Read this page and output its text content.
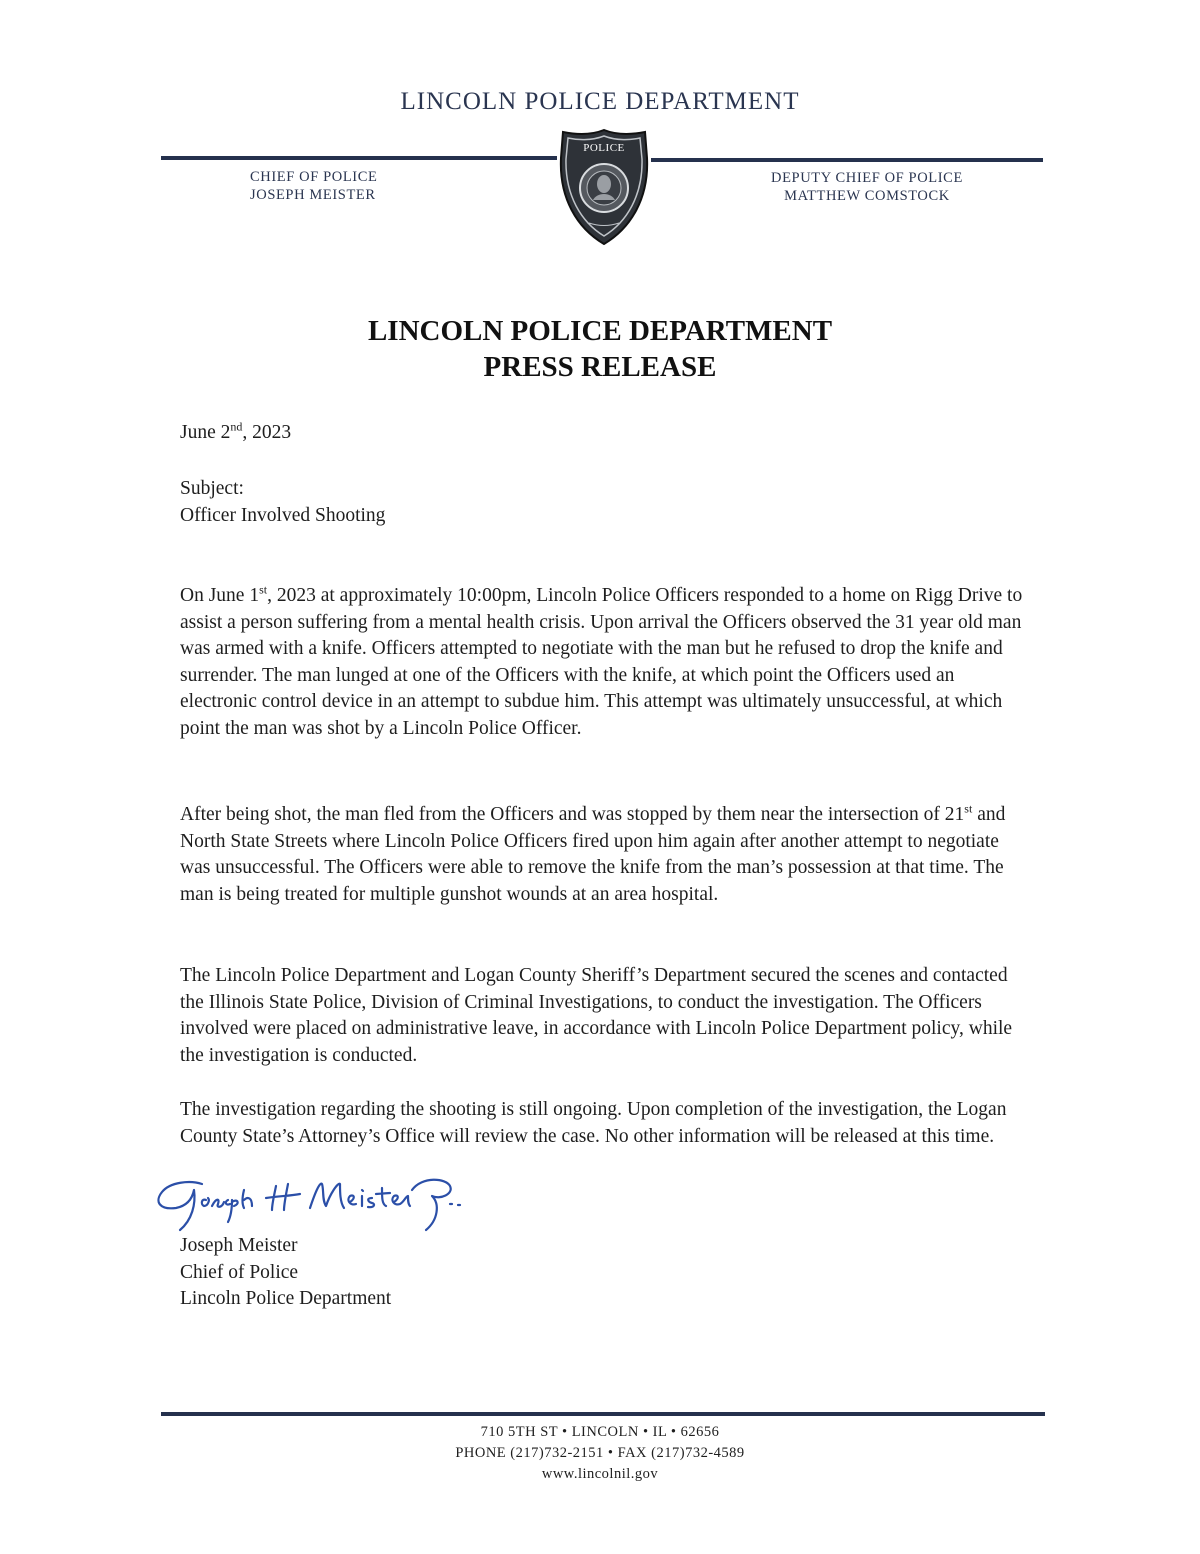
LINCOLN POLICE DEPARTMENT
CHIEF OF POLICE
JOSEPH MEISTER
POLICE
DEPUTY CHIEF OF POLICE
MATTHEW COMSTOCK
LINCOLN POLICE DEPARTMENT
PRESS RELEASE
June 2nd, 2023
Subject:
Officer Involved Shooting

On June 1st, 2023 at approximately 10:00pm, Lincoln Police Officers responded to a home on Rigg Drive to assist a person suffering from a mental health crisis. Upon arrival the Officers observed the 31 year old man was armed with a knife. Officers attempted to negotiate with the man but he refused to drop the knife and surrender. The man lunged at one of the Officers with the knife, at which point the Officers used an electronic control device in an attempt to subdue him. This attempt was ultimately unsuccessful, at which point the man was shot by a Lincoln Police Officer.

After being shot, the man fled from the Officers and was stopped by them near the intersection of 21st and North State Streets where Lincoln Police Officers fired upon him again after another attempt to negotiate was unsuccessful. The Officers were able to remove the knife from the man’s possession at that time. The man is being treated for multiple gunshot wounds at an area hospital.

The Lincoln Police Department and Logan County Sheriff’s Department secured the scenes and contacted the Illinois State Police, Division of Criminal Investigations, to conduct the investigation. The Officers involved were placed on administrative leave, in accordance with Lincoln Police Department policy, while the investigation is conducted.

The investigation regarding the shooting is still ongoing. Upon completion of the investigation, the Logan County State’s Attorney’s Office will review the case. No other information will be released at this time.

Joseph Meister
Chief of Police
Lincoln Police Department
710 5TH ST • LINCOLN • IL • 62656
PHONE (217)732-2151 • FAX (217)732-4589
www.lincolnil.gov
